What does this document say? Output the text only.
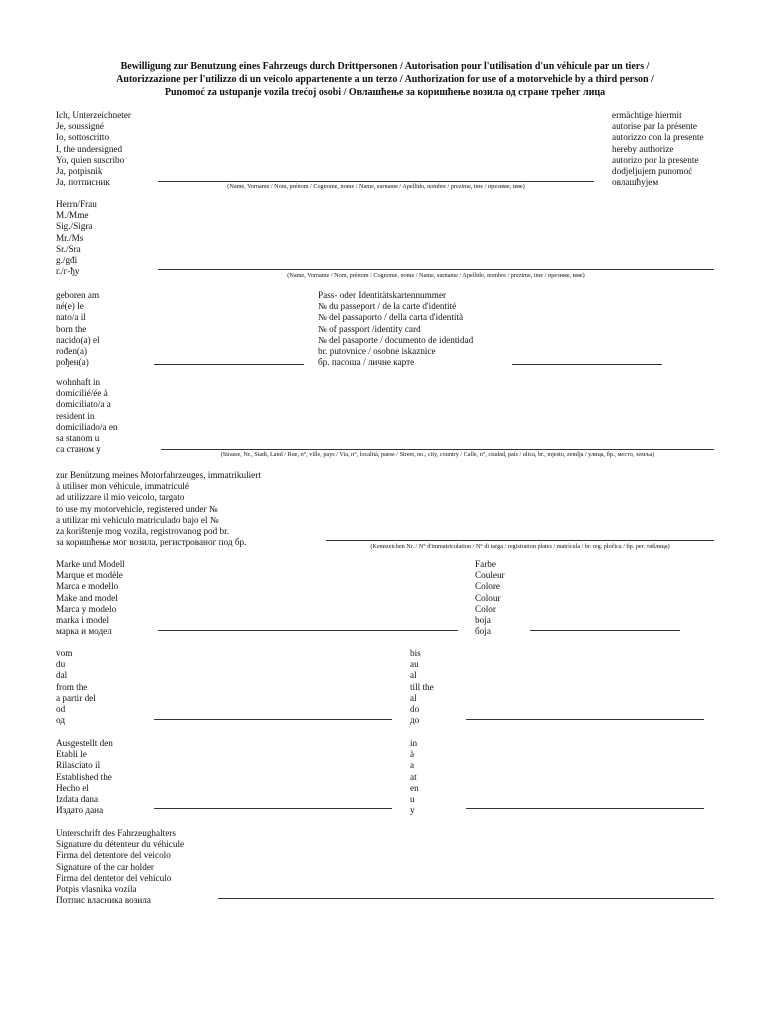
Bewilligung zur Benutzung eines Fahrzeugs durch Drittpersonen / Autorisation pour l'utilisation d'un véhicule par un tiers /
Autorizzazione per l'utilizzo di un veicolo appartenente a un terzo / Authorization for use of a motorvehicle by a third person /
Punomoć za ustupanje vozila trećoj osobi / Овлашћење за коришћење возила од стране трећег лица
Ich, Unterzeichneter
Je, soussigné
Io, sottoscritto
I, the undersigned
Yo, quien suscribo
Ja, potpisnik
Ja, потписник	(Name, Vorname / Nom, prénom / Cognome, nome / Name, surname / Apellido, nombre / prezime, ime / презиме, име)
ermächtige hiermit
autorise par la présente
autorizzo con la presente
hereby authorize
autorizo por la presente
dodjeljujem punomoć
овлашћујем
Herrn/Frau
M./Mme
Sig./Sigra
Mr./Ms
Sr./Sra
g./gđi
г./г-ђу	(Name, Vorname / Nom, prénom / Cognome, nome / Name, surname / Apellido, nombre / prezime, ime / презиме, име)
geboren am
né(e) le
nato/a il
born the
nacido(a) el
rođen(a)
рођен(а)
Pass- oder Identitätskartennummer
№ du passeport / de la carte d'identité
№ del passaporto / della carta d'identità
№ of passport /identity card
№ del pasaporte / documento de identidad
br. putovnice / osobne iskaznice
бр. пасоша / личне карте
wohnhaft in
domicilié/ée à
domiciliato/a a
resident in
domiciliado/a en
sa stanom u
са станом у
(Strasse, Nr., Stadt, Land / Rue, n°, ville, pays / Via, n°, località, paese / Street, no., city, country / Calle, n°, ciudad, país / ulica, br., mjesto, zemlja / улица, бр., место, земља)
zur Benützung meines Motorfahrzeuges, immatrikuliert
à utiliser mon véhicule, immatriculé
ad utilizzare il mio veicolo, targato
to use my motorvehicle, registered under №
a utilizar mi vehículo matriculado bajo el №
za korištenje mog vozila, registrovanog pod br.
за коришћење мог возила, регистрованог под бр.	(Kennzeichen Nr. / N° d'immatriculation / N° di targa / registration plates / matrícula / br. reg. pločica / бр. рег. таблица)
Marke und Modell
Marque et modèle
Marca e modello
Make and model
Marca y modelo
marka i model
марка и модел
Farbe
Couleur
Colore
Colour
Color
boja
боја
vom
du
dal
from the
a partir del
od
од
bis
au
al
till the
al
do
до
Ausgestellt den
Etabli le
Rilasciato il
Established the
Hecho el
Izdata dana
Издато дана
in
à
a
at
en
u
у
Unterschrift des Fahrzeughalters
Signature du détenteur du véhicule
Firma del detentore del veicolo
Signature of the car holder
Firma del dentetor del vehículo
Potpis vlasnika vozila
Потпис власника возила
